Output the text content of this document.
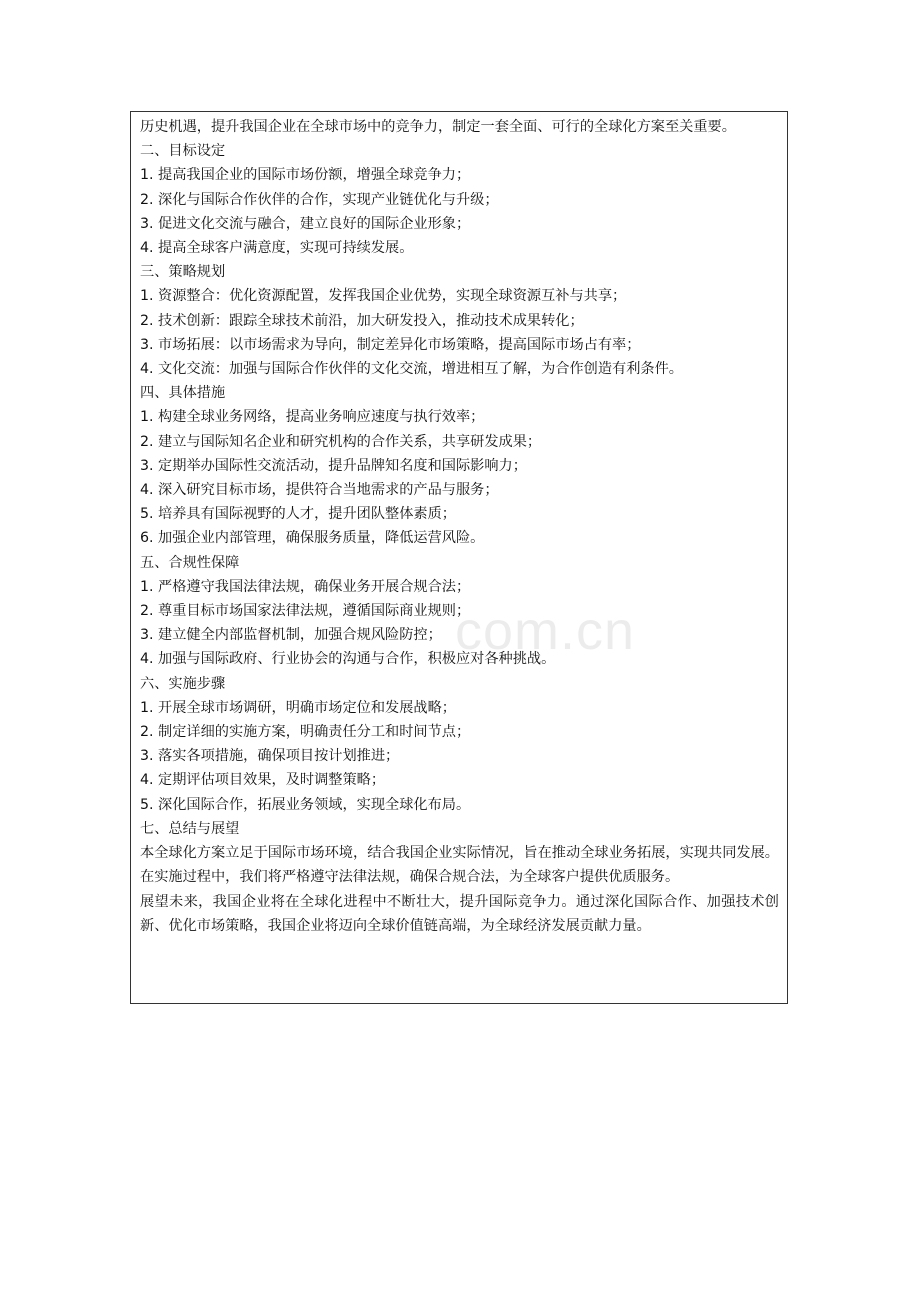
历史机遇，提升我国企业在全球市场中的竞争力，制定一套全面、可行的全球化方案至关重要。

二、目标设定

1. 提高我国企业的国际市场份额，增强全球竞争力；

2. 深化与国际合作伙伴的合作，实现产业链优化与升级；

3. 促进文化交流与融合，建立良好的国际企业形象；

4. 提高全球客户满意度，实现可持续发展。

三、策略规划

1. 资源整合：优化资源配置，发挥我国企业优势，实现全球资源互补与共享；

2. 技术创新：跟踪全球技术前沿，加大研发投入，推动技术成果转化；

3. 市场拓展：以市场需求为导向，制定差异化市场策略，提高国际市场占有率；

4. 文化交流：加强与国际合作伙伴的文化交流，增进相互了解，为合作创造有利条件。

四、具体措施

1. 构建全球业务网络，提高业务响应速度与执行效率；

2. 建立与国际知名企业和研究机构的合作关系，共享研发成果；

3. 定期举办国际性交流活动，提升品牌知名度和国际影响力；

4. 深入研究目标市场，提供符合当地需求的产品与服务；

5. 培养具有国际视野的人才，提升团队整体素质；

6. 加强企业内部管理，确保服务质量，降低运营风险。

五、合规性保障

1. 严格遵守我国法律法规，确保业务开展合规合法；

2. 尊重目标市场国家法律法规，遵循国际商业规则；

3. 建立健全内部监督机制，加强合规风险防控；

4. 加强与国际政府、行业协会的沟通与合作，积极应对各种挑战。

六、实施步骤

1. 开展全球市场调研，明确市场定位和发展战略；

2. 制定详细的实施方案，明确责任分工和时间节点；

3. 落实各项措施，确保项目按计划推进；

4. 定期评估项目效果，及时调整策略；

5. 深化国际合作，拓展业务领域，实现全球化布局。

七、总结与展望

本全球化方案立足于国际市场环境，结合我国企业实际情况，旨在推动全球业务拓展，实现共同发展。在实施过程中，我们将严格遵守法律法规，确保合规合法，为全球客户提供优质服务。

展望未来，我国企业将在全球化进程中不断壮大，提升国际竞争力。通过深化国际合作、加强技术创新、优化市场策略，我国企业将迈向全球价值链高端，为全球经济发展贡献力量。

com.cn
